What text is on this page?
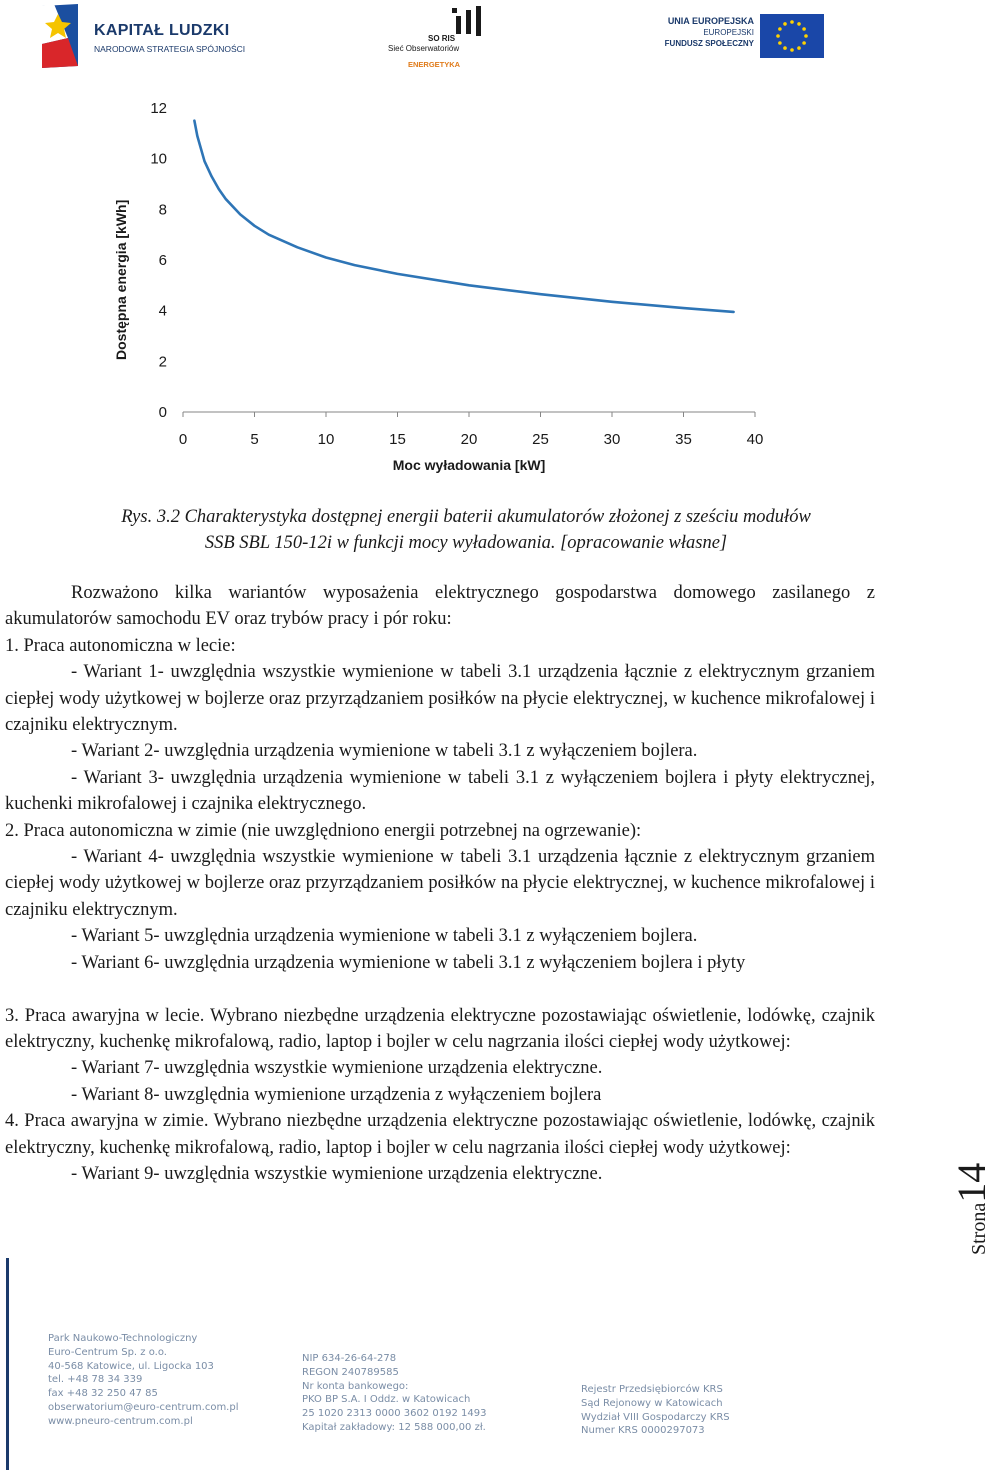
KAPITAŁ LUDZKI
NARODOWA STRATEGIA SPÓJNOŚCI
SO RIS
Sieć Obserwatoriów
ENERGETYKA
UNIA EUROPEJSKA
EUROPEJSKI
FUNDUSZ SPOŁECZNY
0	5	10	15	20	25	30	35	40
0
2
4
6
8
10
12
Dostępna energia [kWh]
Moc wyładowania [kW]
Rys. 3.2 Charakterystyka dostępnej energii baterii akumulatorów złożonej z sześciu modułów
SSB SBL 150-12i w funkcji mocy wyładowania. [opracowanie własne]

Rozważono kilka wariantów wyposażenia elektrycznego gospodarstwa domowego zasilanego z akumulatorów samochodu EV oraz trybów pracy i pór roku:

1. Praca autonomiczna w lecie:

- Wariant 1- uwzględnia wszystkie wymienione w tabeli 3.1 urządzenia łącznie z elektrycznym grzaniem ciepłej wody użytkowej w bojlerze oraz przyrządzaniem posiłków na płycie elektrycznej, w kuchence mikrofalowej i czajniku elektrycznym.

- Wariant 2- uwzględnia urządzenia wymienione w tabeli 3.1 z wyłączeniem bojlera.

- Wariant 3- uwzględnia urządzenia wymienione w tabeli 3.1 z wyłączeniem bojlera i płyty elektrycznej, kuchenki mikrofalowej i czajnika elektrycznego.

2. Praca autonomiczna w zimie (nie uwzględniono energii potrzebnej na ogrzewanie):

- Wariant 4- uwzględnia wszystkie wymienione w tabeli 3.1 urządzenia łącznie z elektrycznym grzaniem ciepłej wody użytkowej w bojlerze oraz przyrządzaniem posiłków na płycie elektrycznej, w kuchence mikrofalowej i czajniku elektrycznym.

- Wariant 5- uwzględnia urządzenia wymienione w tabeli 3.1 z wyłączeniem bojlera.

- Wariant 6- uwzględnia urządzenia wymienione w tabeli 3.1 z wyłączeniem bojlera i płyty

3. Praca awaryjna w lecie. Wybrano niezbędne urządzenia elektryczne pozostawiając oświetlenie, lodówkę, czajnik elektryczny, kuchenkę mikrofalową, radio, laptop i bojler w celu nagrzania ilości ciepłej wody użytkowej:

- Wariant 7- uwzględnia wszystkie wymienione urządzenia elektryczne.

- Wariant 8- uwzględnia wymienione urządzenia z wyłączeniem bojlera

4. Praca awaryjna w zimie. Wybrano niezbędne urządzenia elektryczne pozostawiając oświetlenie, lodówkę, czajnik elektryczny, kuchenkę mikrofalową, radio, laptop i bojler w celu nagrzania ilości ciepłej wody użytkowej:

- Wariant 9- uwzględnia wszystkie wymienione urządzenia elektryczne.

Strona14
Park Naukowo-Technologiczny
Euro-Centrum Sp. z o.o.
40-568 Katowice, ul. Ligocka 103
tel. +48 78 34 339
fax +48 32 250 47 85
obserwatorium@euro-centrum.com.pl
www.pneuro-centrum.com.pl
NIP 634-26-64-278
REGON 240789585
Nr konta bankowego:
PKO BP S.A. I Oddz. w Katowicach
25 1020 2313 0000 3602 0192 1493
Kapitał zakładowy: 12 588 000,00 zł.
Rejestr Przedsiębiorców KRS
Sąd Rejonowy w Katowicach
Wydział VIII Gospodarczy KRS
Numer KRS 0000297073
